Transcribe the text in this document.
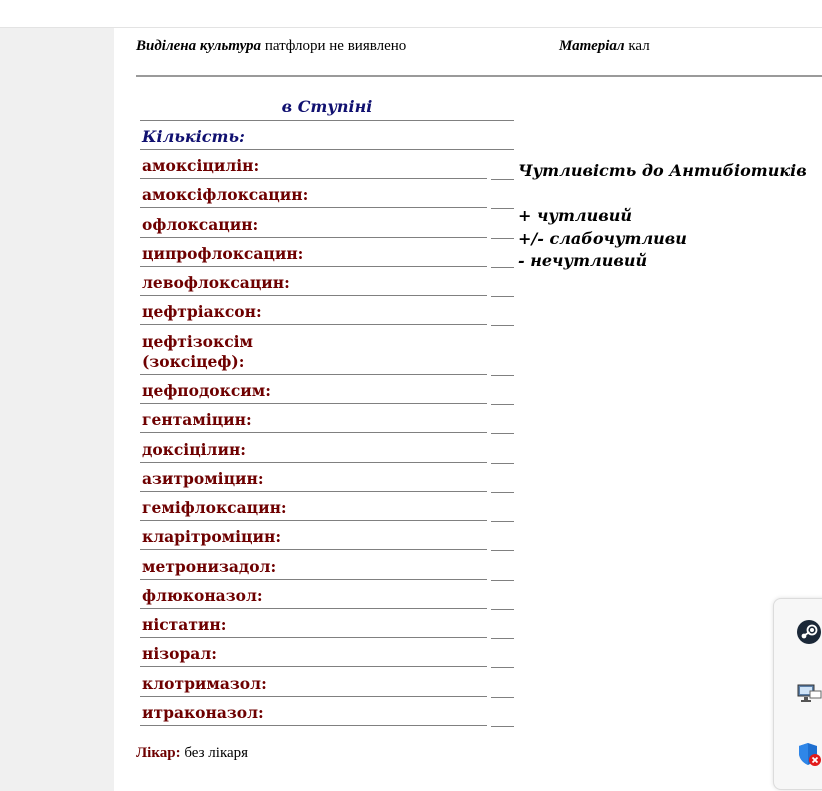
Виділена культура патфлори не виявлено	Матеріал кал
в Ступіні
Кількість:
амоксіцилін:
амоксіфлоксацин:
офлоксацин:
ципрофлоксацин:
левофлоксацин:
цефтріаксон:
цефтізоксім (зоксіцеф):
цефподоксим:
гентаміцин:
доксіцілин:
азитроміцин:
геміфлоксацин:
кларітроміцин:
метронизадол:
флюконазол:
ністатин:
нізорал:
клотримазол:
итраконазол:
Чутливість до Антибіотиків
+ чутливий
+/- слабочутливи
- нечутливий
Лікар: без лікаря
